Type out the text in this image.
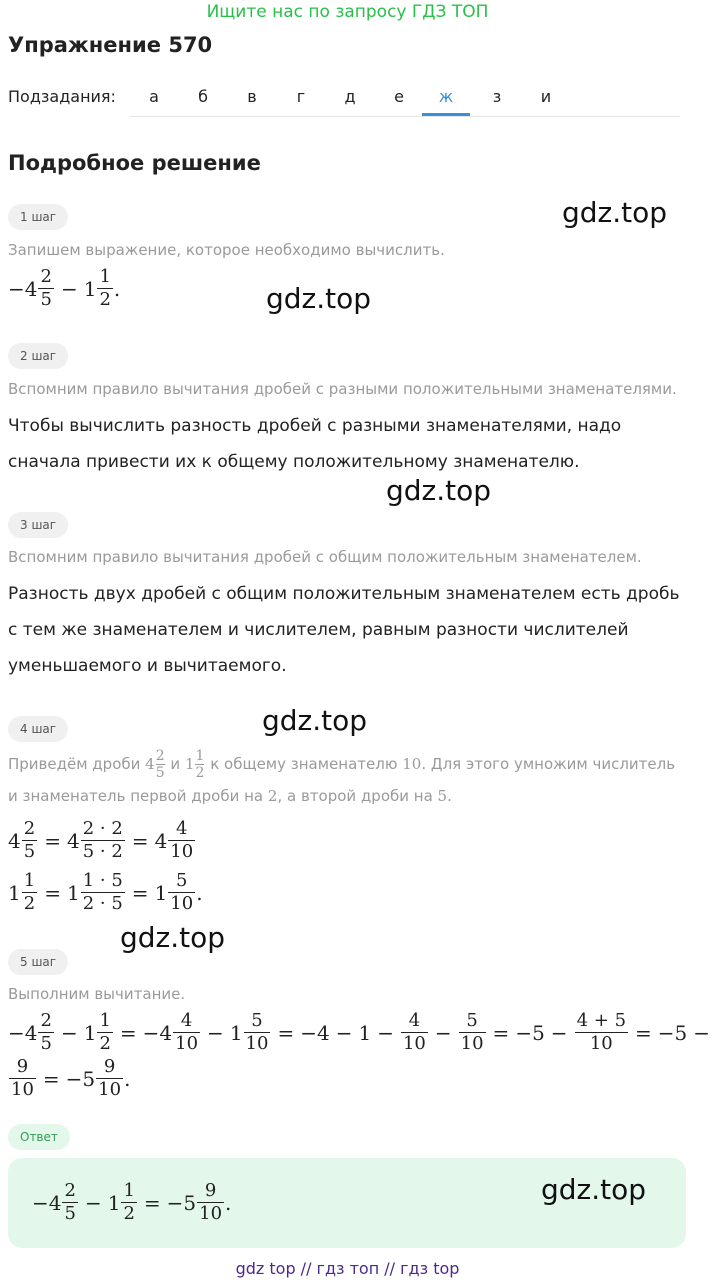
Ищите нас по запросу ГДЗ ТОП
Упражнение 570
Подзадания:	а	б	в	г	д	е	ж	з	и
Подробное решение
1 шаг	gdz.top
Запишем выражение, которое необходимо вычислить.
$-4 \frac{2}{5} - 1 \frac{1}{2}$ .	gdz.top
2 шаг
Вспомним правило вычитания дробей с разными положительными знаменателями.
Чтобы вычислить разность дробей с разными знаменателями, надо сначала привести их к общему положительному знаменателю.
gdz.top
3 шаг
Вспомним правило вычитания дробей с общим положительным знаменателем.
Разность двух дробей с общим положительным знаменателем есть дробь с тем же знаменателем и числителем, равным разности числителей уменьшаемого и вычитаемого.
4 шаг	gdz.top
Приведём дроби $4 \frac{2}{5}$ и $1 \frac{1}{2}$ к общему знаменателю 10. Для этого умножим числитель и знаменатель первой дроби на 2, а второй дроби на 5.
$4 \frac{2}{5} = 4 \frac{2 \cdot 2}{5 \cdot 2} = 4 \frac{4}{10}$
$1 \frac{1}{2} = 1 \frac{1 \cdot 5}{2 \cdot 5} = 1 \frac{5}{10}$ .
gdz.top
5 шаг
Выполним вычитание.
$-4 \frac{2}{5} - 1 \frac{1}{2} = -4 \frac{4}{10} - 1 \frac{5}{10} = -4 - 1 - \frac{4}{10} - \frac{5}{10} = -5 - \frac{4 + 5}{10} = -5$ −
$\frac{9}{10} = -5 \frac{9}{10}$ .
Ответ
$-4 \frac{2}{5} - 1 \frac{1}{2} = -5 \frac{9}{10}$ .	gdz.top
gdz top // гдз топ // гдз top
